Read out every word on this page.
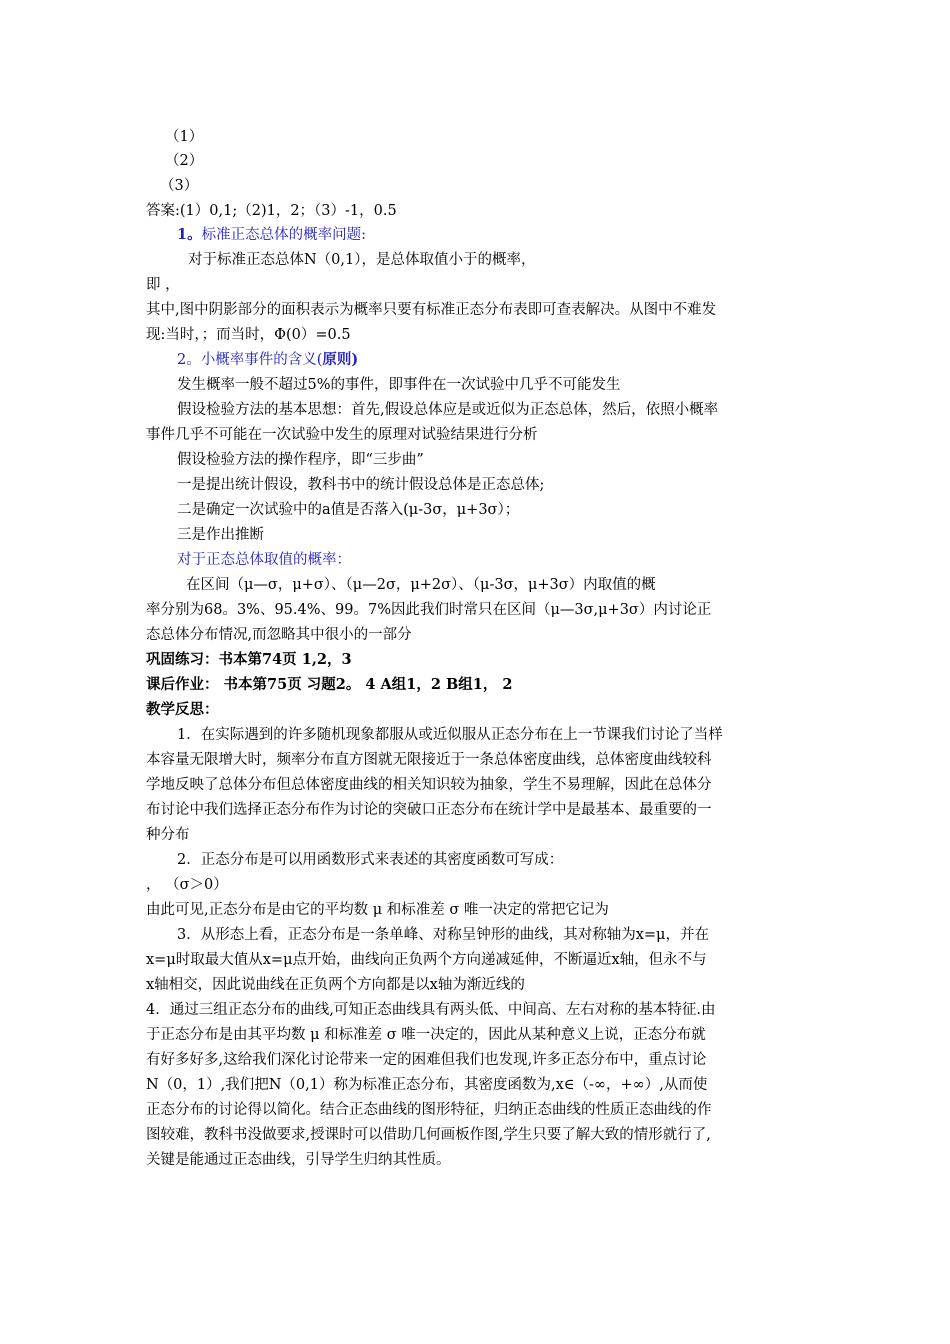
（1）
（2）
（3）
答案:(1）0,1;（2)1，2；（3）-1，0.5
1。标准正态总体的概率问题:
对于标准正态总体N（0,1），是总体取值小于的概率，
即 ，
其中,图中阴影部分的面积表示为概率只要有标准正态分布表即可查表解决。从图中不难发
现:当时，；而当时，Φ(0）=0.5
2。小概率事件的含义(原则)
发生概率一般不超过5%的事件，即事件在一次试验中几乎不可能发生
假设检验方法的基本思想：首先,假设总体应是或近似为正态总体，然后，依照小概率
事件几乎不可能在一次试验中发生的原理对试验结果进行分析
假设检验方法的操作程序，即“三步曲”
一是提出统计假设，教科书中的统计假设总体是正态总体;
二是确定一次试验中的a值是否落入(μ-3σ，μ+3σ）；
三是作出推断
对于正态总体取值的概率：
在区间（μ—σ，μ+σ）、（μ—2σ，μ+2σ）、（μ-3σ，μ+3σ）内取值的概
率分别为68。3%、95.4%、99。7%因此我们时常只在区间（μ—3σ,μ+3σ）内讨论正
态总体分布情况,而忽略其中很小的一部分
巩固练习：书本第74页 1,2，3
课后作业： 书本第75页 习题2。 4 A组1，2 B组1， 2
教学反思：
1．在实际遇到的许多随机现象都服从或近似服从正态分布在上一节课我们讨论了当样
本容量无限增大时，频率分布直方图就无限接近于一条总体密度曲线，总体密度曲线较科
学地反映了总体分布但总体密度曲线的相关知识较为抽象，学生不易理解，因此在总体分
布讨论中我们选择正态分布作为讨论的突破口正态分布在统计学中是最基本、最重要的一
种分布
2．正态分布是可以用函数形式来表述的其密度函数可写成：
， （σ＞0）
由此可见,正态分布是由它的平均数 μ 和标准差 σ 唯一决定的常把它记为
3．从形态上看，正态分布是一条单峰、对称呈钟形的曲线，其对称轴为x=μ，并在
x=μ时取最大值从x=μ点开始，曲线向正负两个方向递减延伸，不断逼近x轴，但永不与
x轴相交，因此说曲线在正负两个方向都是以x轴为渐近线的
4．通过三组正态分布的曲线,可知正态曲线具有两头低、中间高、左右对称的基本特征.由
于正态分布是由其平均数 μ 和标准差 σ 唯一决定的，因此从某种意义上说，正态分布就
有好多好多,这给我们深化讨论带来一定的困难但我们也发现,许多正态分布中，重点讨论
N（0，1）,我们把N（0,1）称为标准正态分布，其密度函数为,x∈（-∞，+∞）,从而使
正态分布的讨论得以简化。结合正态曲线的图形特征，归纳正态曲线的性质正态曲线的作
图较难，教科书没做要求,授课时可以借助几何画板作图,学生只要了解大致的情形就行了,
关键是能通过正态曲线，引导学生归纳其性质。
